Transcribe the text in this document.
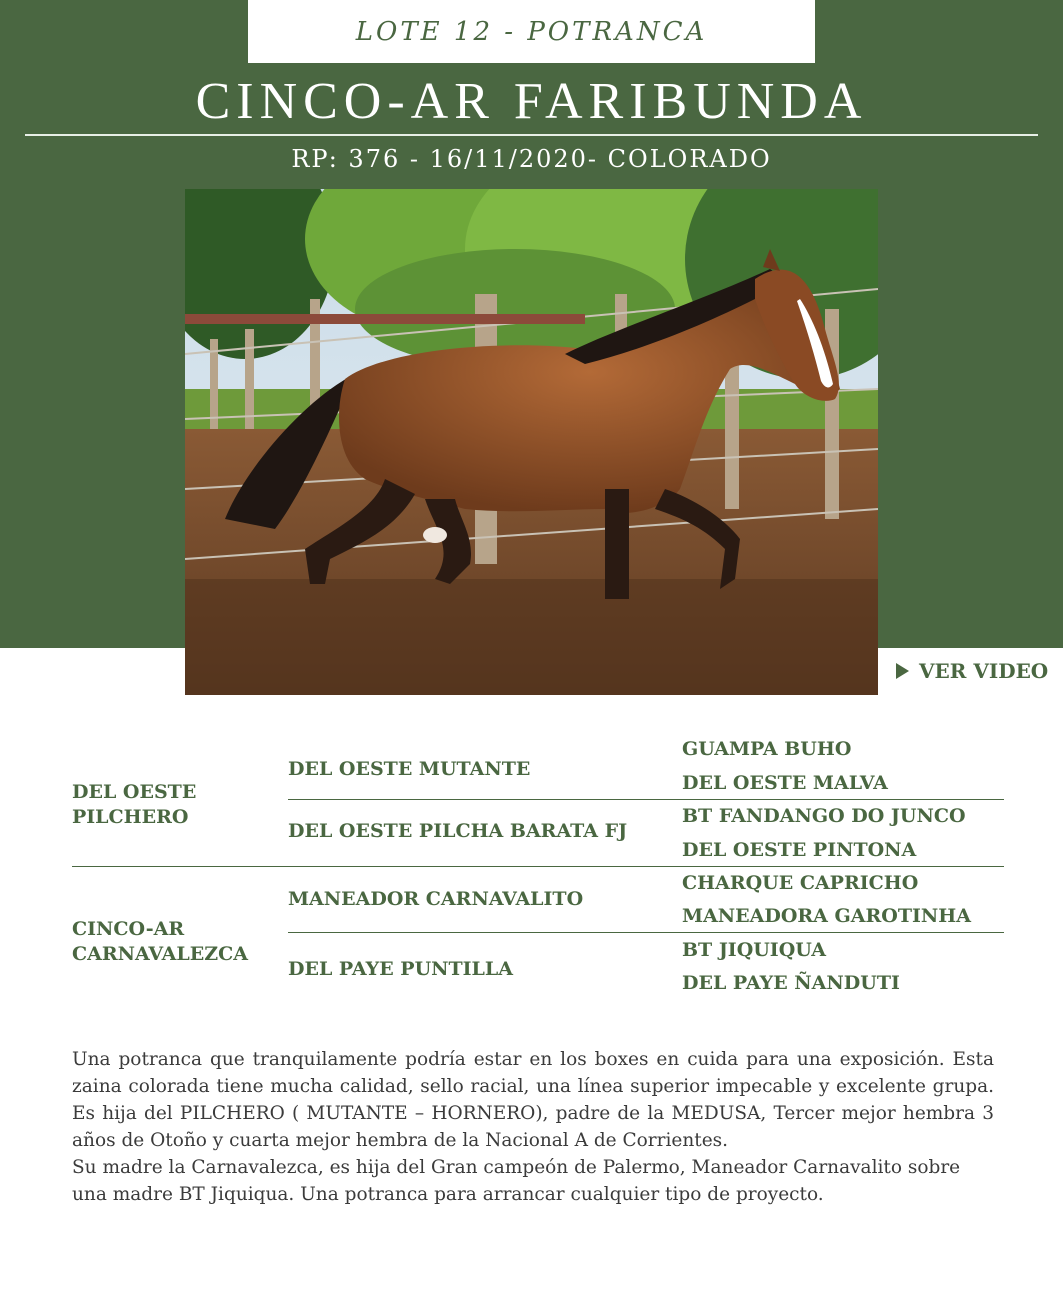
LOTE 12 - POTRANCA
CINCO-AR FARIBUNDA
RP: 376 - 16/11/2020- COLORADO
VER VIDEO
DEL OESTE
PILCHERO
CINCO-AR
CARNAVALEZCA
DEL OESTE MUTANTE
DEL OESTE PILCHA BARATA FJ
MANEADOR CARNAVALITO
DEL PAYE PUNTILLA
GUAMPA BUHO
DEL OESTE MALVA
BT FANDANGO DO JUNCO
DEL OESTE PINTONA
CHARQUE CAPRICHO
MANEADORA GAROTINHA
BT JIQUIQUA
DEL PAYE ÑANDUTI

Una potranca que tranquilamente podría estar en los boxes en cuida para una exposición. Esta zaina colorada tiene mucha calidad, sello racial, una línea superior impecable y excelente grupa. Es hija del PILCHERO ( MUTANTE – HORNERO), padre de la MEDUSA, Tercer mejor hembra 3 años de Otoño y cuarta mejor hembra de la Nacional A de Corrientes.

Su madre la Carnavalezca, es hija del Gran campeón de Palermo, Maneador Carnavalito sobre una madre BT Jiquiqua. Una potranca para arrancar cualquier tipo de proyecto.
